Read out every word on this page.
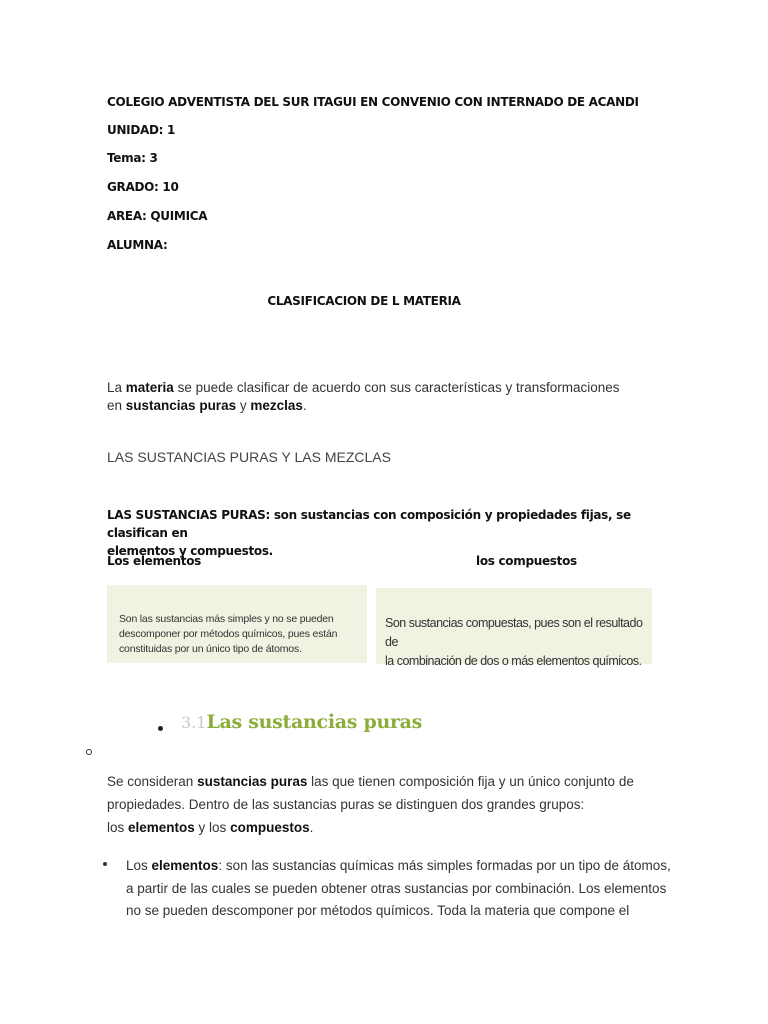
COLEGIO ADVENTISTA DEL SUR ITAGUI EN CONVENIO CON INTERNADO DE ACANDI
UNIDAD: 1
Tema: 3
GRADO: 10
AREA: QUIMICA
ALUMNA:
CLASIFICACION DE L MATERIA
La materia se puede clasificar de acuerdo con sus características y transformaciones
en sustancias puras y mezclas.
LAS SUSTANCIAS PURAS Y LAS MEZCLAS
LAS SUSTANCIAS PURAS: son sustancias con composición y propiedades fijas, se clasifican en
elementos y compuestos.
Los elementos	los compuestos
Son las sustancias más simples y no se pueden
descomponer por métodos químicos, pues están
constituidas por un único tipo de átomos.
Son sustancias compuestas, pues son el resultado de
la combinación de dos o más elementos químicos.
3.1Las sustancias puras
Se consideran sustancias puras las que tienen composición fija y un único conjunto de
propiedades. Dentro de las sustancias puras se distinguen dos grandes grupos:
los elementos y los compuestos.
Los elementos: son las sustancias químicas más simples formadas por un tipo de átomos,
a partir de las cuales se pueden obtener otras sustancias por combinación. Los elementos
no se pueden descomponer por métodos químicos. Toda la materia que compone el
